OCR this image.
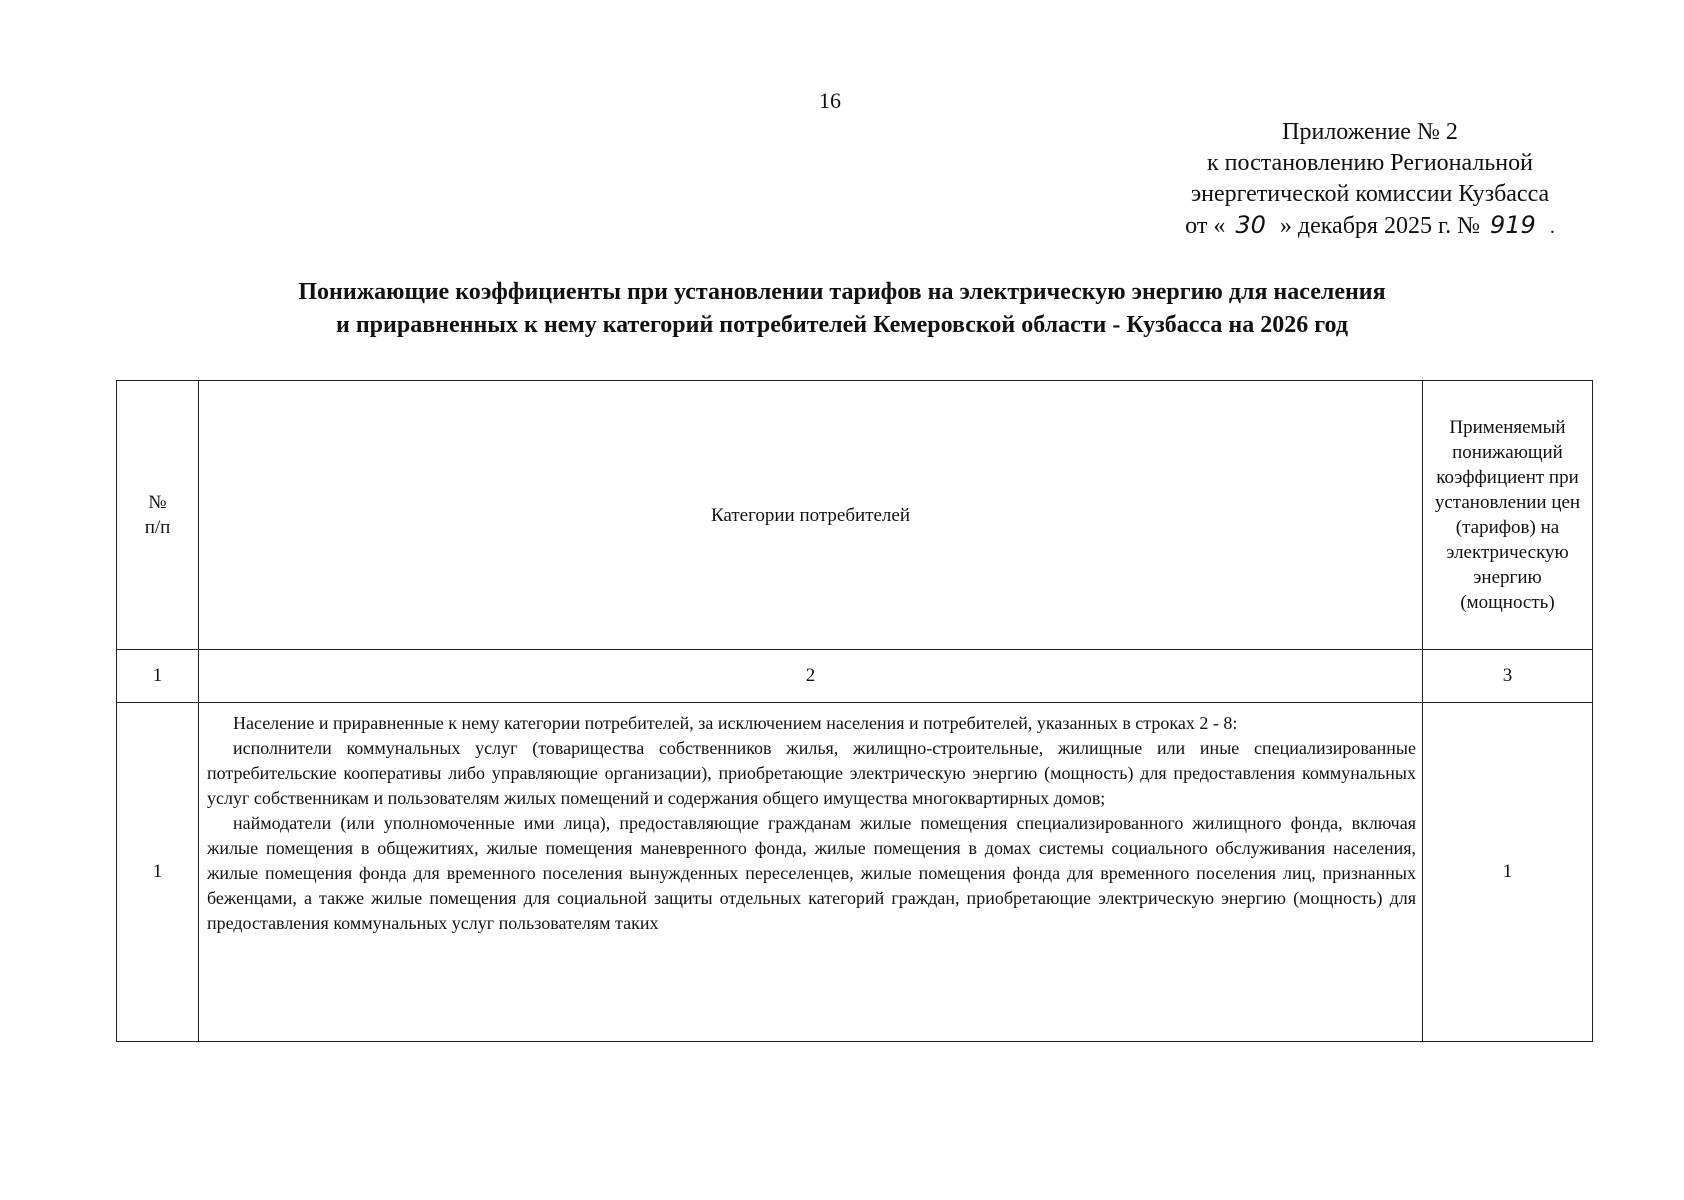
16
Приложение № 2
к постановлению Региональной
энергетической комиссии Кузбасса
от « 30 » декабря 2025 г. № 919 .
Понижающие коэффициенты при установлении тарифов на электрическую энергию для населения
и приравненных к нему категорий потребителей Кемеровской области - Кузбасса на 2026 год
№
п/п	Категории потребителей	Применяемый понижающий коэффициент при установлении цен (тарифов) на электрическую энергию (мощность)
1	2	3
1	Население и приравненные к нему категории потребителей, за исключением населения и потребителей, указанных в строках 2 - 8:

исполнители коммунальных услуг (товарищества собственников жилья, жилищно-строительные, жилищные или иные специализированные потребительские кооперативы либо управляющие организации), приобретающие электрическую энергию (мощность) для предоставления коммунальных услуг собственникам и пользователям жилых помещений и содержания общего имущества многоквартирных домов;

наймодатели (или уполномоченные ими лица), предоставляющие гражданам жилые помещения специализированного жилищного фонда, включая жилые помещения в общежитиях, жилые помещения маневренного фонда, жилые помещения в домах системы социального обслуживания населения, жилые помещения фонда для временного поселения вынужденных переселенцев, жилые помещения фонда для временного поселения лиц, признанных беженцами, а также жилые помещения для социальной защиты отдельных категорий граждан, приобретающие электрическую энергию (мощность) для предоставления коммунальных услуг пользователям таких	1
